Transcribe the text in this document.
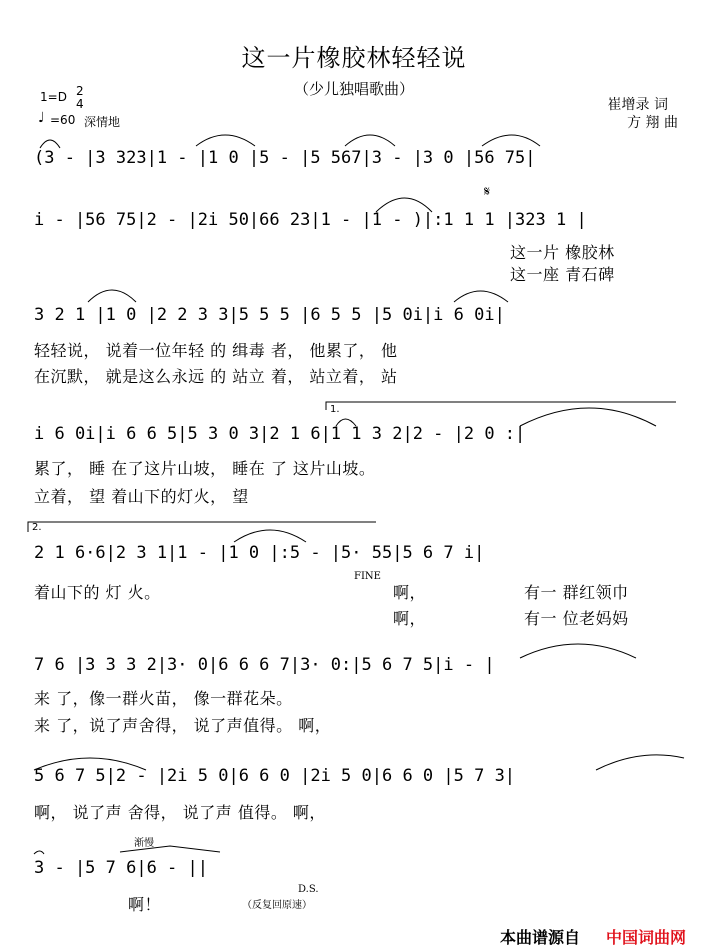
这一片橡胶林轻轻说
（少儿独唱歌曲）
1=D 2
4
♩ =60 深情地
崔增录 词
方 翔 曲
(3 - |3 323|1 - |1 0 |5 - |5 567|3 - |3 0 |56 75|
i - |56 75|2 - |2i 50|66 23|1 - |1 - )|:1 1 1 |323 1 |
这一片 橡胶林
这一座 青石碑
𝄋
3 2 1 |1 0 |2 2 3 3|5 5 5 |6 5 5 |5 0i|i 6 0i|
轻轻说， 说着一位年轻 的 缉毒 者， 他累了， 他
在沉默， 就是这么永远 的 站立 着， 站立着， 站
1.
i 6 0i|i 6 6 5|5 3 0 3|2 1 6|1 1 3 2|2 - |2 0 :|
累了， 睡 在了这片山坡， 睡在 了 这片山坡。
立着， 望 着山下的灯火， 望
2.
2 1 6·6|2 3 1|1 - |1 0 |:5 - |5· 55|5 6 7 i|
FINE
着山下的 灯 火。	啊，	有一 群红领巾
啊，	有一 位老妈妈
7 6 |3 3 3 2|3· 0|6 6 6 7|3· 0:|5 6 7 5|i - |
来 了，像一群火苗， 像一群花朵。
来 了，说了声舍得， 说了声值得。 啊，
5 6 7 5|2 - |2i 5 0|6 6 0 |2i 5 0|6 6 0 |5 7 3|
啊， 说了声 舍得， 说了声 值得。 啊，
渐慢
3 - |5 7 6|6 - ||
D.S.
（反复回原速）
啊！
本曲谱源自 中国词曲网
